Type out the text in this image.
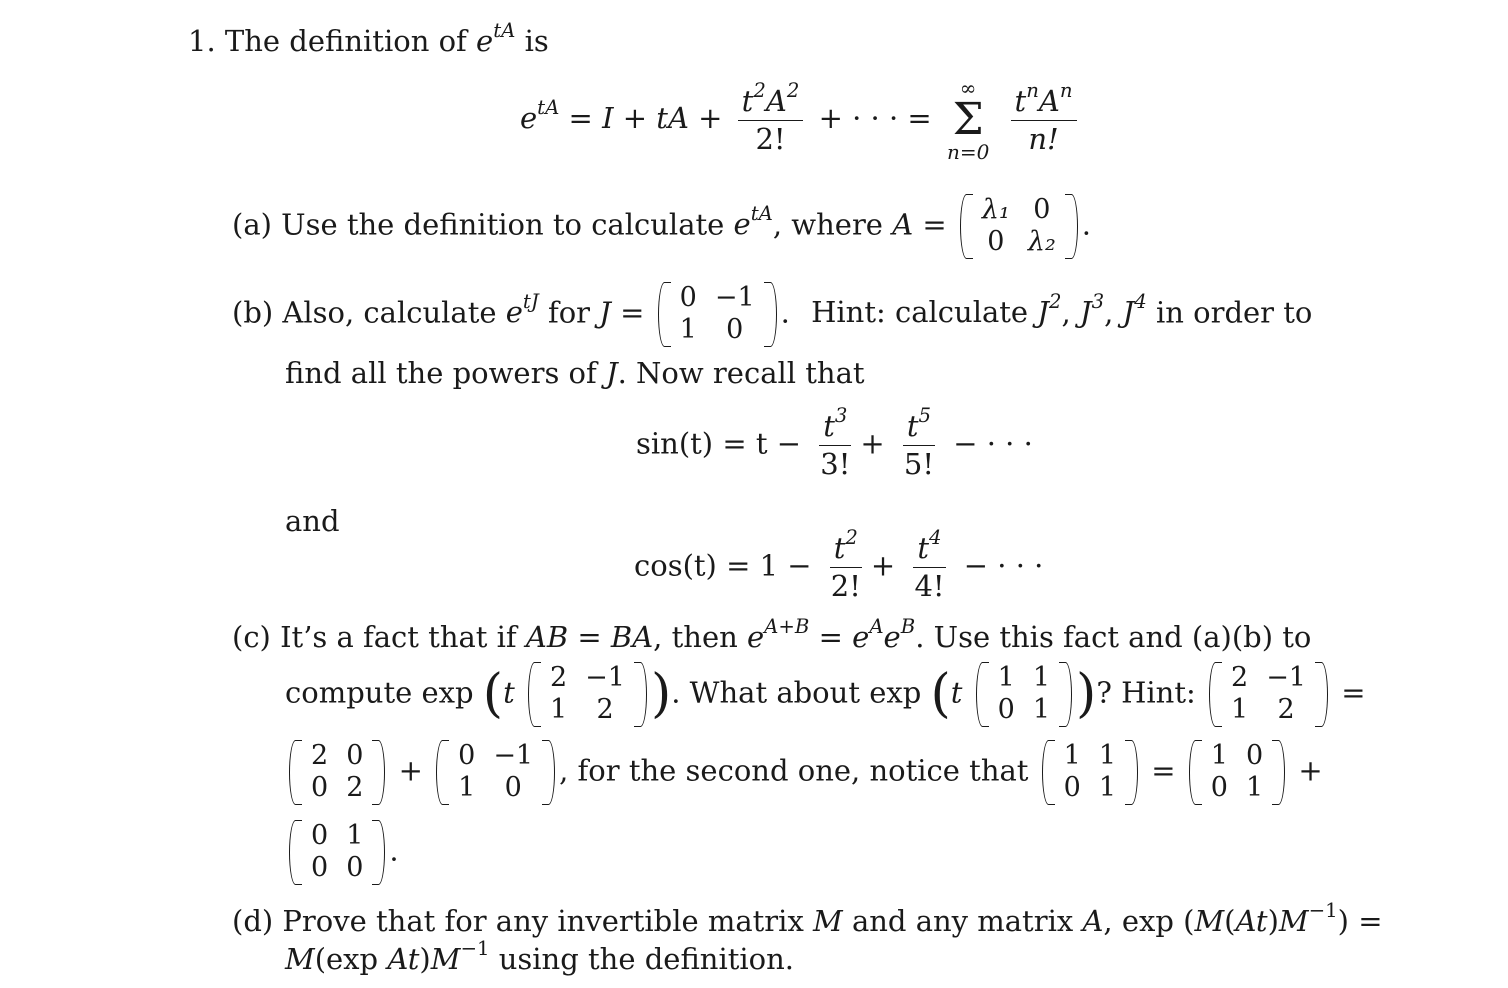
1. The definition of $e^{tA}$ is
$e^{tA} = I$ + tA + $\frac{t^2A^2}{2!}$ + · · · =
∞
Σ
n=0
$\frac{t^nA^n}{n!}$
(a) Use the definition to calculate $e^{tA}$, where A = λ₁	0
0	λ₂
.
(b) Also, calculate $e^{tJ}$ for J = 0	−1
1	0
. Hint: calculate $J^2$, $J^3$, $J^4$ in order to
find all the powers of J. Now recall that
$\sin(t) = t - \frac{t^3}{3!} + \frac{t^5}{5!}$ − · · ·
and
$\cos(t) = 1 - \frac{t^2}{2!} + \frac{t^4}{4!}$ − · · ·
(c) It’s a fact that if AB = BA, then $e^{A+B} = e^Ae^B$. Use this fact and (a)(b) to
compute exp (t 2	−1
1	2 ). What about exp (t 1	1
0	1 )? Hint: 2	−1
1	2
=
2	0
0	2
+ 0	−1
1	0
, for the second one, notice that 1	1
0	1
= 1	0
0	1
+
0	1
0	0
.
(d) Prove that for any invertible matrix M and any matrix A, $\exp (M(At)M^{-1})$ =
M(exp $At)M^{-1}$ using the definition.
